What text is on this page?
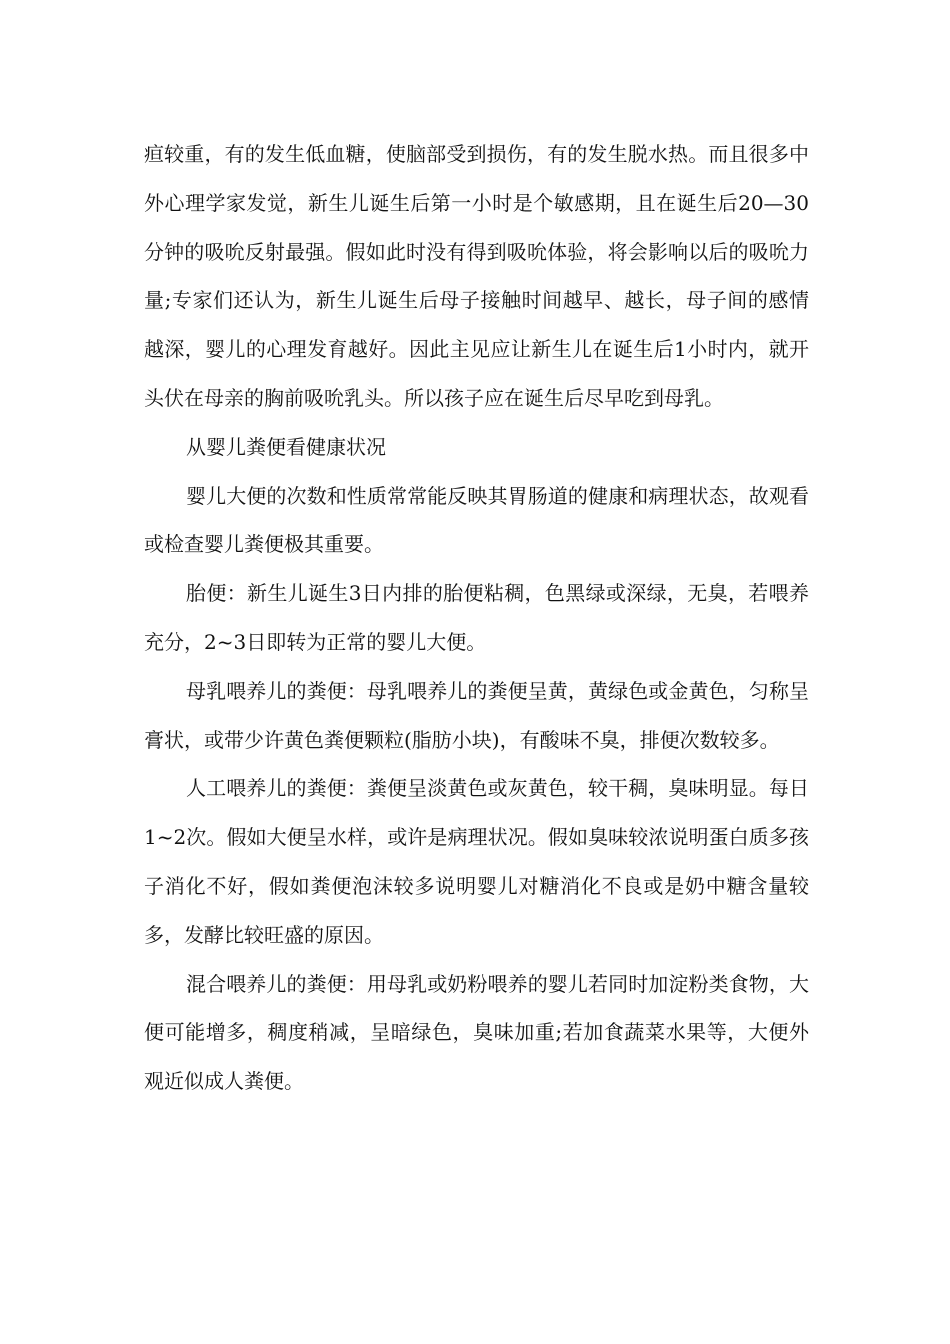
疸较重，有的发生低血糖，使脑部受到损伤，有的发生脱水热。而且很多中外心理学家发觉，新生儿诞生后第一小时是个敏感期，且在诞生后20—30分钟的吸吮反射最强。假如此时没有得到吸吮体验，将会影响以后的吸吮力量;专家们还认为，新生儿诞生后母子接触时间越早、越长，母子间的感情越深，婴儿的心理发育越好。因此主见应让新生儿在诞生后1小时内，就开头伏在母亲的胸前吸吮乳头。所以孩子应在诞生后尽早吃到母乳。

从婴儿粪便看健康状况

婴儿大便的次数和性质常常能反映其胃肠道的健康和病理状态，故观看或检查婴儿粪便极其重要。

胎便：新生儿诞生3日内排的胎便粘稠，色黑绿或深绿，无臭，若喂养充分，2~3日即转为正常的婴儿大便。

母乳喂养儿的粪便：母乳喂养儿的粪便呈黄，黄绿色或金黄色，匀称呈膏状，或带少许黄色粪便颗粒(脂肪小块)，有酸味不臭，排便次数较多。

人工喂养儿的粪便：粪便呈淡黄色或灰黄色，较干稠，臭味明显。每日1~2次。假如大便呈水样，或许是病理状况。假如臭味较浓说明蛋白质多孩子消化不好，假如粪便泡沫较多说明婴儿对糖消化不良或是奶中糖含量较多，发酵比较旺盛的原因。

混合喂养儿的粪便：用母乳或奶粉喂养的婴儿若同时加淀粉类食物，大便可能增多，稠度稍减，呈暗绿色，臭味加重;若加食蔬菜水果等，大便外观近似成人粪便。
